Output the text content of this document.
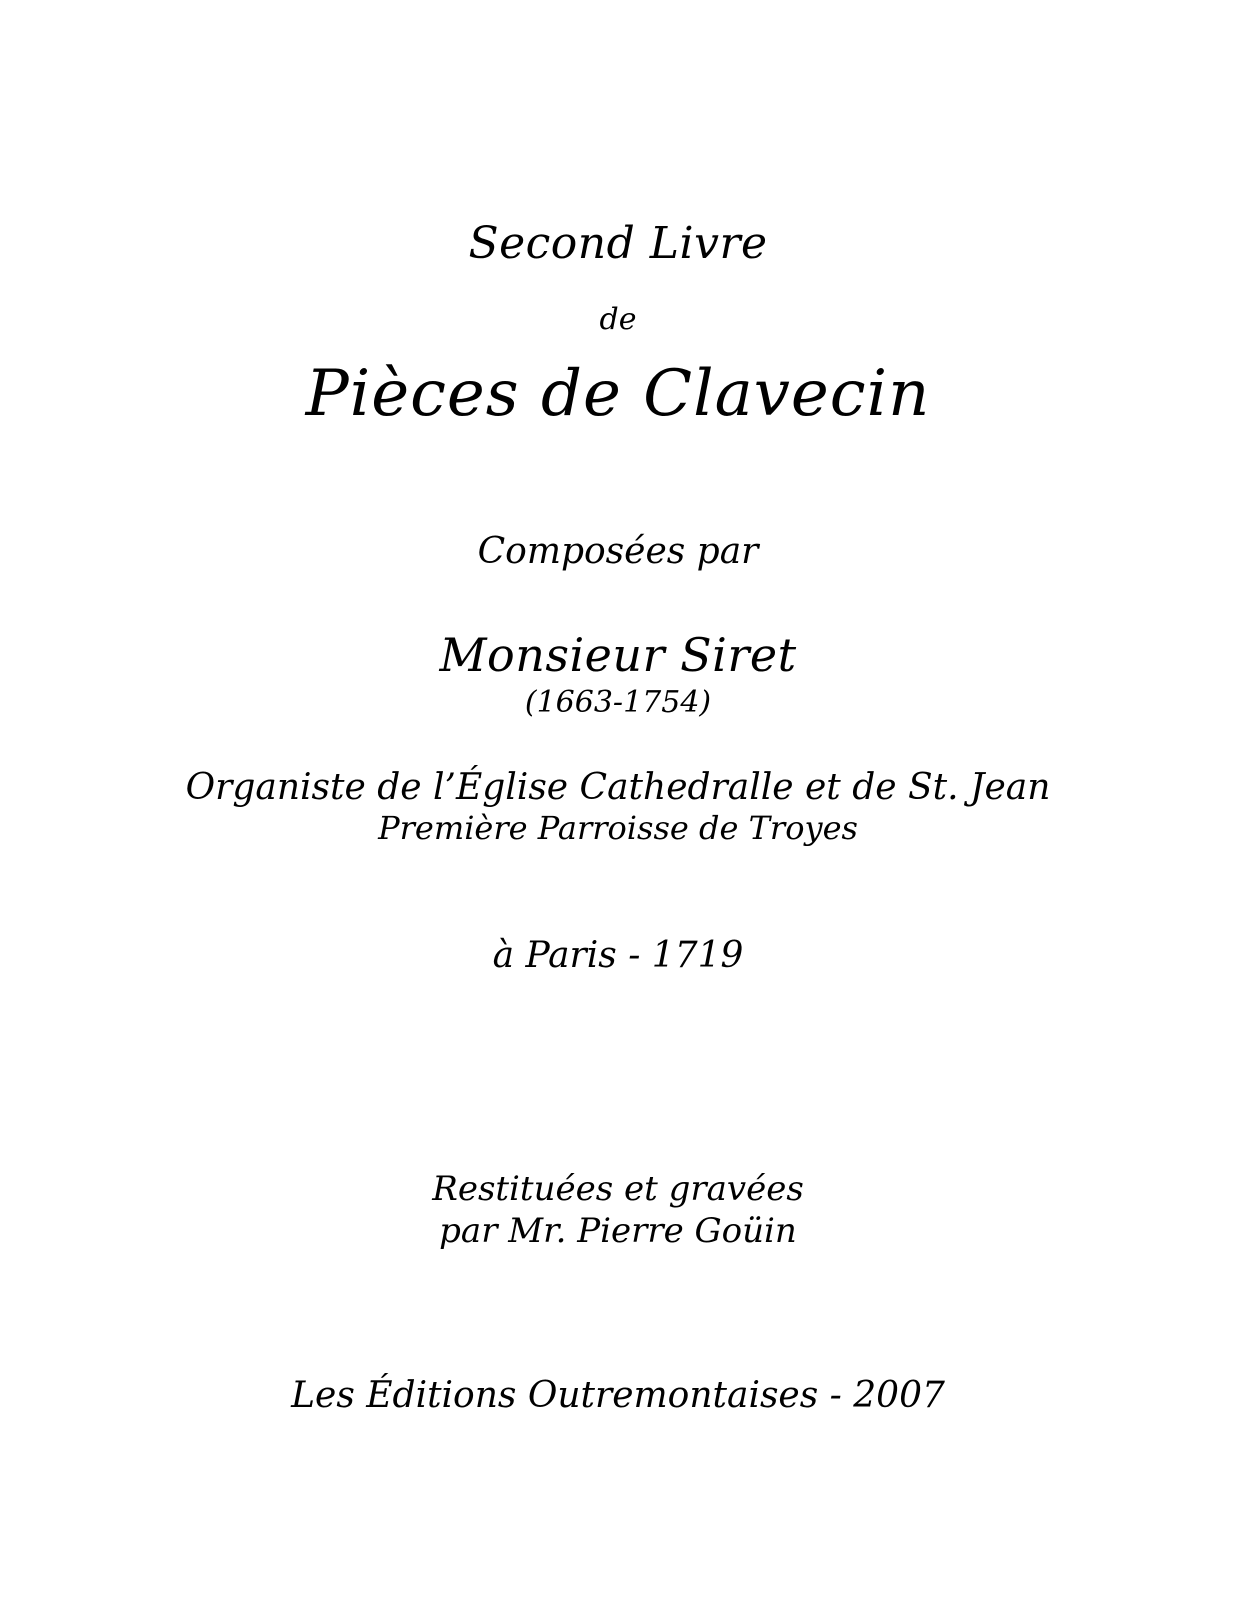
Second Livre
de
Pièces de Clavecin
Composées par
Monsieur Siret
(1663-1754)
Organiste de l’Église Cathedralle et de St. Jean
Première Parroisse de Troyes
à Paris - 1719
Restituées et gravées
par Mr. Pierre Goüin
Les Éditions Outremontaises - 2007
